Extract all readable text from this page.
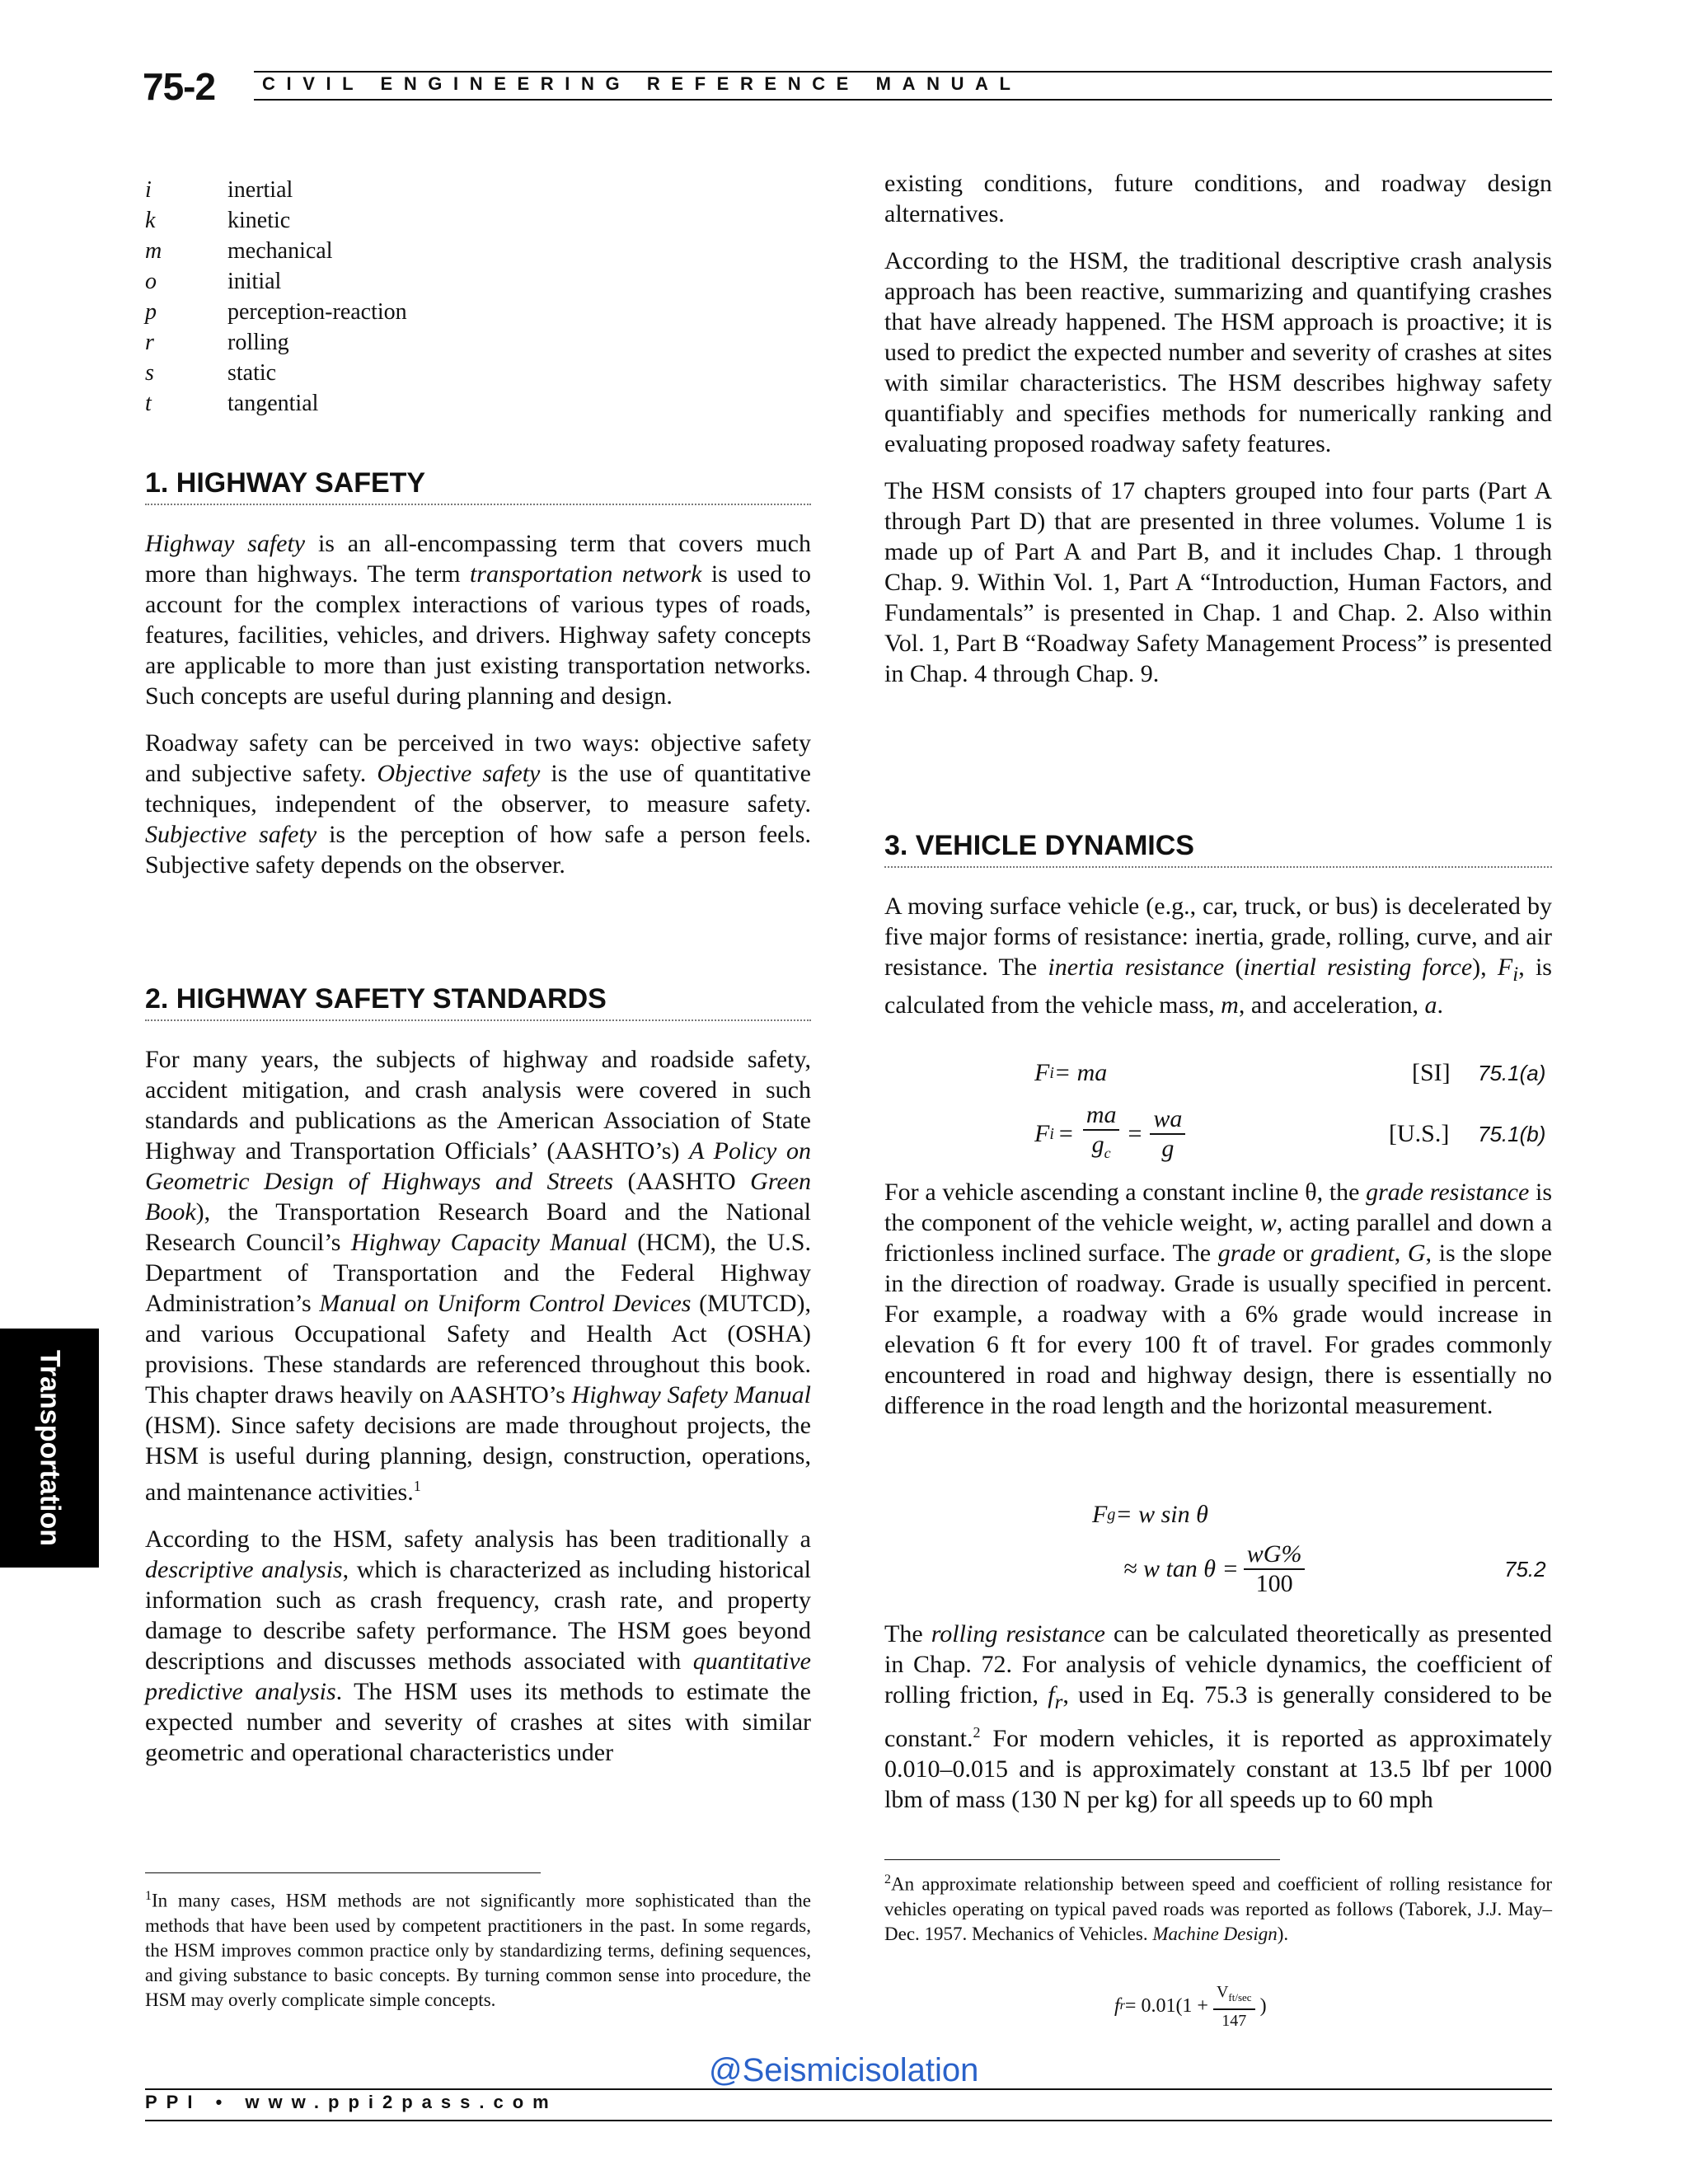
75-2	CIVIL ENGINEERING REFERENCE MANUAL
i	inertial
k	kinetic
m	mechanical
o	initial
p	perception-reaction
r	rolling
s	static
t	tangential
1. HIGHWAY SAFETY

Highway safety is an all-encompassing term that covers much more than highways. The term transportation network is used to account for the complex interactions of various types of roads, features, facilities, vehicles, and drivers. Highway safety concepts are applicable to more than just existing transportation networks. Such concepts are useful during planning and design.

Roadway safety can be perceived in two ways: objective safety and subjective safety. Objective safety is the use of quantitative techniques, independent of the observer, to measure safety. Subjective safety is the perception of how safe a person feels. Subjective safety depends on the observer.

2. HIGHWAY SAFETY STANDARDS

For many years, the subjects of highway and roadside safety, accident mitigation, and crash analysis were covered in such standards and publications as the American Association of State Highway and Transportation Officials’ (AASHTO’s) A Policy on Geometric Design of Highways and Streets (AASHTO Green Book), the Transportation Research Board and the National Research Council’s Highway Capacity Manual (HCM), the U.S. Department of Transportation and the Federal Highway Administration’s Manual on Uniform Control Devices (MUTCD), and various Occupational Safety and Health Act (OSHA) provisions. These standards are referenced throughout this book. This chapter draws heavily on AASHTO’s Highway Safety Manual (HSM). Since safety decisions are made throughout projects, the HSM is useful during planning, design, construction, operations, and maintenance activities.$^1$

According to the HSM, safety analysis has been traditionally a descriptive analysis, which is characterized as including historical information such as crash frequency, crash rate, and property damage to describe safety performance. The HSM goes beyond descriptions and discusses methods associated with quantitative predictive analysis. The HSM uses its methods to estimate the expected number and severity of crashes at sites with similar geometric and operational characteristics under

$^1$In many cases, HSM methods are not significantly more sophisticated than the methods that have been used by competent practitioners in the past. In some regards, the HSM improves common practice only by standardizing terms, defining sequences, and giving substance to basic concepts. By turning common sense into procedure, the HSM may overly complicate simple concepts.

existing conditions, future conditions, and roadway design alternatives.

According to the HSM, the traditional descriptive crash analysis approach has been reactive, summarizing and quantifying crashes that have already happened. The HSM approach is proactive; it is used to predict the expected number and severity of crashes at sites with similar characteristics. The HSM describes highway safety quantifiably and specifies methods for numerically ranking and evaluating proposed roadway safety features.

The HSM consists of 17 chapters grouped into four parts (Part A through Part D) that are presented in three volumes. Volume 1 is made up of Part A and Part B, and it includes Chap. 1 through Chap. 9. Within Vol. 1, Part A “Introduction, Human Factors, and Fundamentals” is presented in Chap. 1 and Chap. 2. Also within Vol. 1, Part B “Roadway Safety Management Process” is presented in Chap. 4 through Chap. 9.

3. VEHICLE DYNAMICS

A moving surface vehicle (e.g., car, truck, or bus) is decelerated by five major forms of resistance: inertia, grade, rolling, curve, and air resistance. The inertia resistance (inertial resisting force), $F_i$, is calculated from the vehicle mass, m, and acceleration, a.

F i = ma	[SI] 75.1(a)
F $i = \frac{ma}{g_c} = \frac{wa}{g}$	[U.S.] 75.1(b)

For a vehicle ascending a constant incline θ, the grade resistance is the component of the vehicle weight, w, acting parallel and down a frictionless inclined surface. The grade or gradient, G, is the slope in the direction of roadway. Grade is usually specified in percent. For example, a roadway with a 6% grade would increase in elevation 6 ft for every 100 ft of travel. For grades commonly encountered in road and highway design, there is essentially no difference in the road length and the horizontal measurement.

F g = w sin θ
≈ w $\tan \theta = \frac{wG\%}{100}$	75.2

The rolling resistance can be calculated theoretically as presented in Chap. 72. For analysis of vehicle dynamics, the coefficient of rolling friction, $f_r$, used in Eq. 75.3 is generally considered to be constant.$^2$ For modern vehicles, it is reported as approximately 0.010–0.015 and is approximately constant at 13.5 lbf per 1000 lbm of mass (130 N per kg) for all speeds up to 60 mph

$^2$An approximate relationship between speed and coefficient of rolling resistance for vehicles operating on typical paved roads was reported as follows (Taborek, J.J. May–Dec. 1957. Mechanics of Vehicles. Machine Design).
f $r = 0.01(1 + \frac{V_{ft/sec}}{147}$ )
Transportation
@Seismicisolation
PPI • www.ppi2pass.com
